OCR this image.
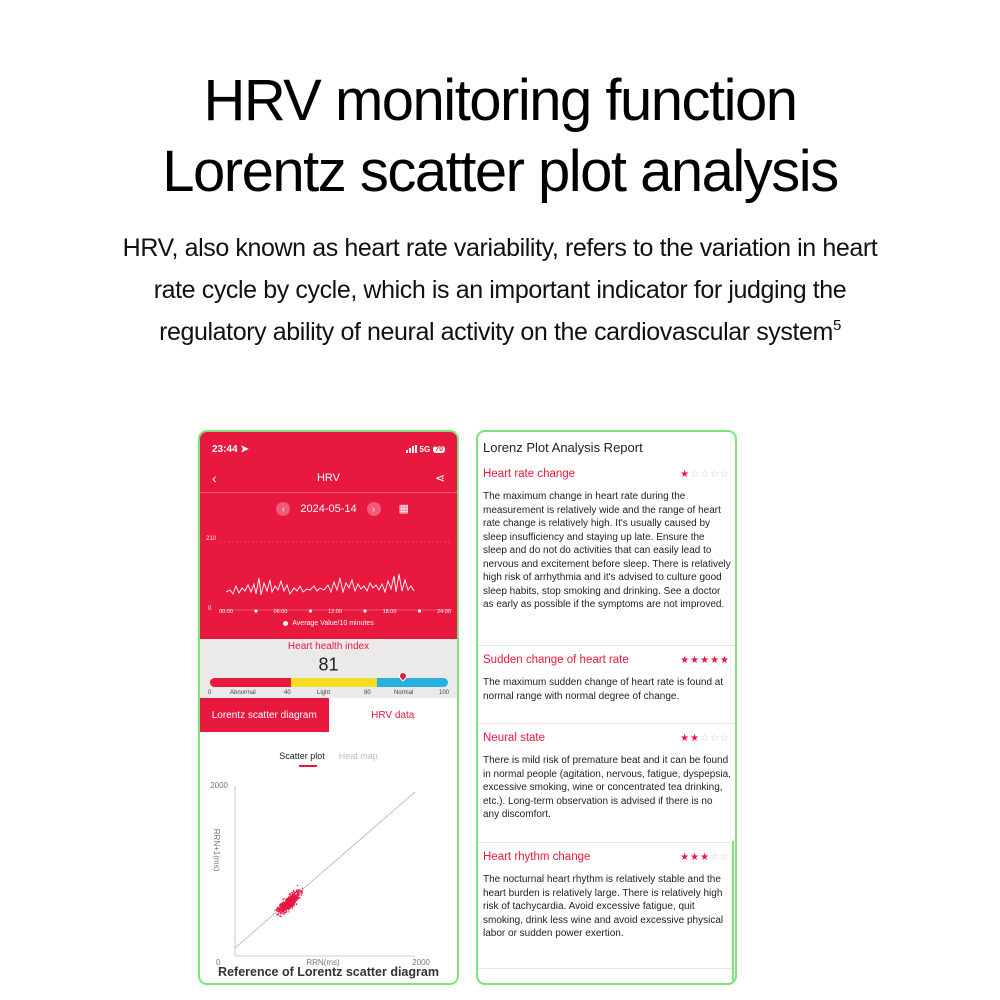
HRV monitoring function
Lorentz scatter plot analysis

HRV, also known as heart rate variability, refers to the variation in heart rate cycle by cycle, which is an important indicator for judging the regulatory ability of neural activity on the cardiovascular system$^5$

23:44 ➤	5G 70
‹	HRV	⋖
‹	2024-05-14	›	▦
210
0 00:00	06:00	12:00	18:00	24:00
Average Value/10 minutes
Heart health index
81
0	Abnormal	40	Light	80	Normal	100
Lorentz scatter diagram	HRV data
Scatter plot Heat map
2000
0	2000
RRN(ms)
RRN+1(ms)
Reference of Lorentz scatter diagram
Lorenz Plot Analysis Report
Heart rate change	★ ☆ ☆ ☆ ☆
The maximum change in heart rate during the measurement is relatively wide and the range of heart rate change is relatively high. It's usually caused by sleep insufficiency and staying up late. Ensure the sleep and do not do activities that can easily lead to nervous and excitement before sleep. There is relatively high risk of arrhythmia and it's advised to culture good sleep habits, stop smoking and drinking. See a doctor as early as possible if the symptoms are not improved.
Sudden change of heart rate	★ ★ ★ ★ ★
The maximum sudden change of heart rate is found at normal range with normal degree of change.
Neural state	★ ★ ☆ ☆ ☆
There is mild risk of premature beat and it can be found in normal people (agitation, nervous, fatigue, dyspepsia, excessive smoking, wine or concentrated tea drinking, etc.). Long-term observation is advised if there is no any discomfort.
Heart rhythm change	★ ★ ★ ☆ ☆
The nocturnal heart rhythm is relatively stable and the heart burden is relatively large. There is relatively high risk of tachycardia. Avoid excessive fatigue, quit smoking, drink less wine and avoid excessive physical labor or sudden power exertion.
